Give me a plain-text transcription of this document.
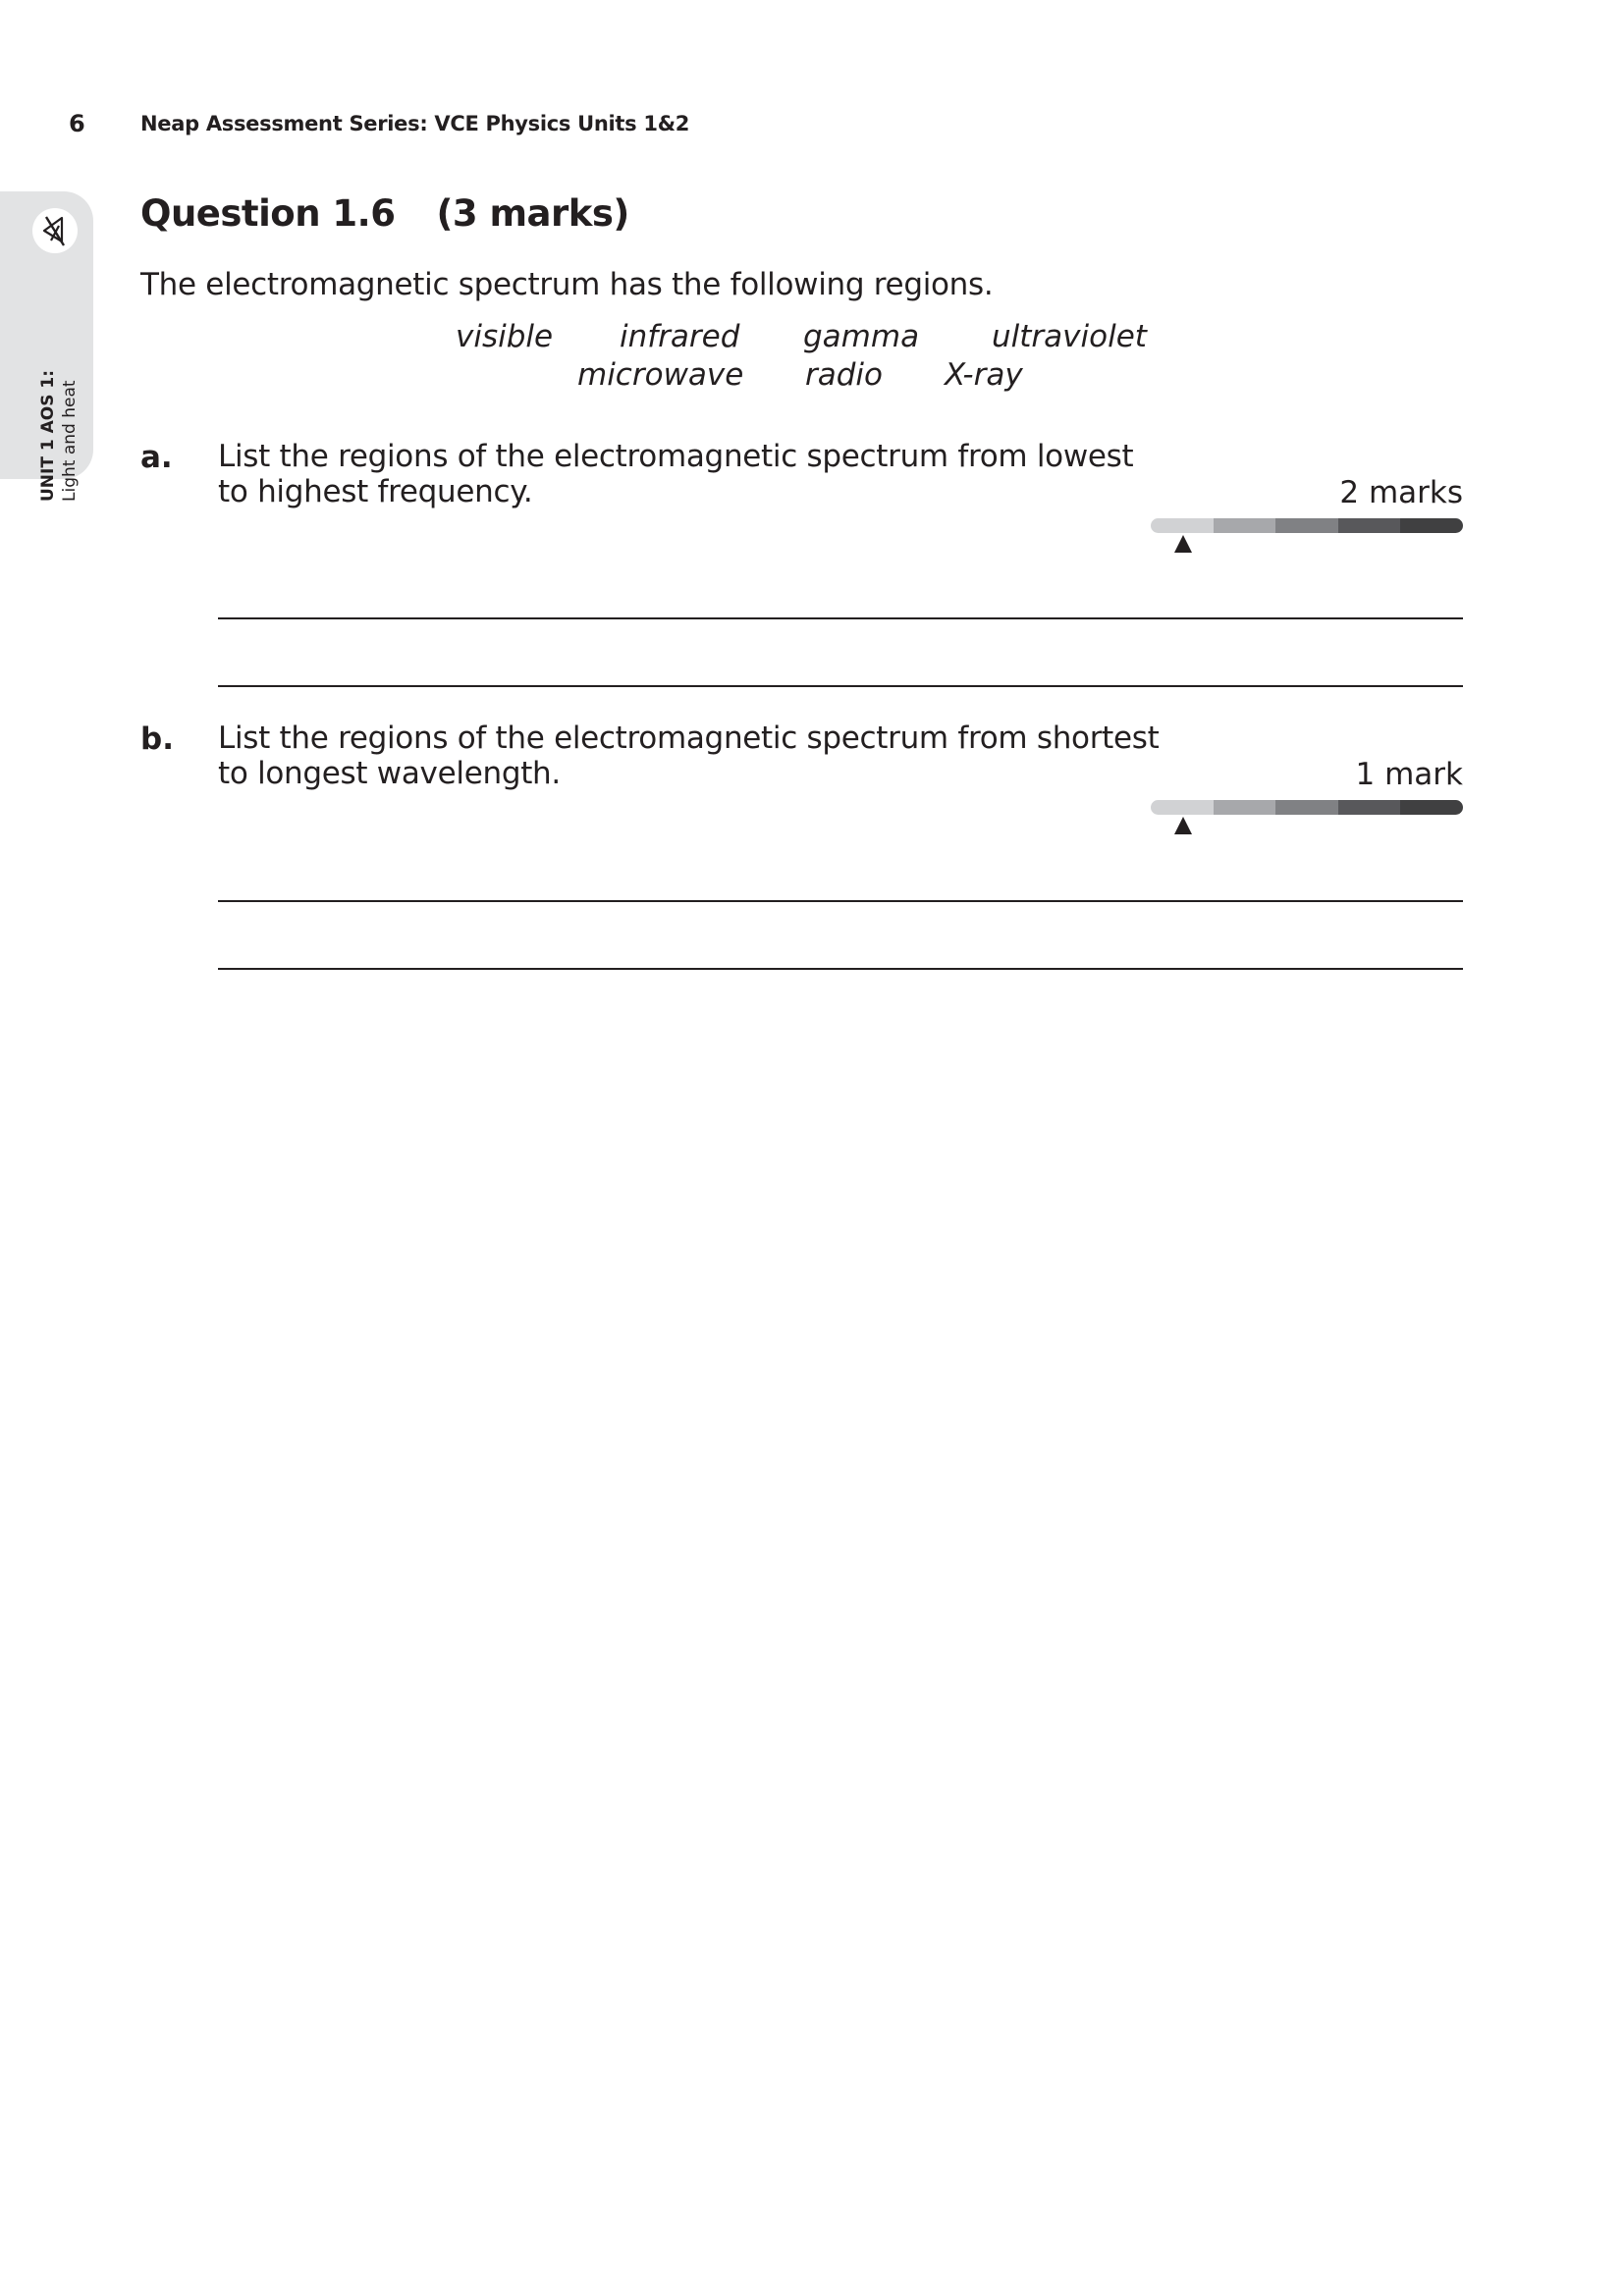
6	Neap Assessment Series: VCE Physics Units 1&2
UNIT 1 AOS 1: Light and heat
Question 1.6 (3 marks)
The electromagnetic spectrum has the following regions.
visible infrared gamma ultraviolet
microwave radio X-ray
a. List the regions of the electromagnetic spectrum from lowest
to highest frequency.	2 marks
b. List the regions of the electromagnetic spectrum from shortest
to longest wavelength.	1 mark
